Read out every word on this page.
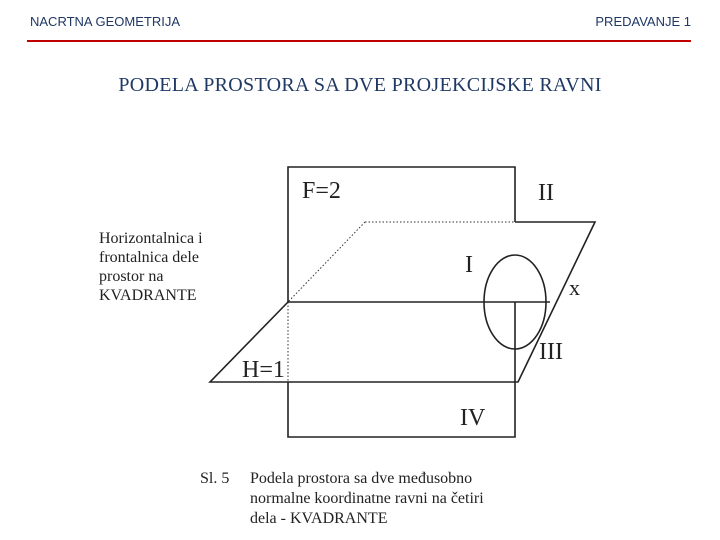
NACRTNA GEOMETRIJA	PREDAVANJE 1
PODELA PROSTORA SA DVE PROJEKCIJSKE RAVNI
Horizontalnica i
frontalnica dele
prostor na
KVADRANTE
F=2
H=1
II
I
x
III
IV
Sl. 5 Podela prostora sa dve međusobno
normalne koordinatne ravni na četiri
dela - KVADRANTE
